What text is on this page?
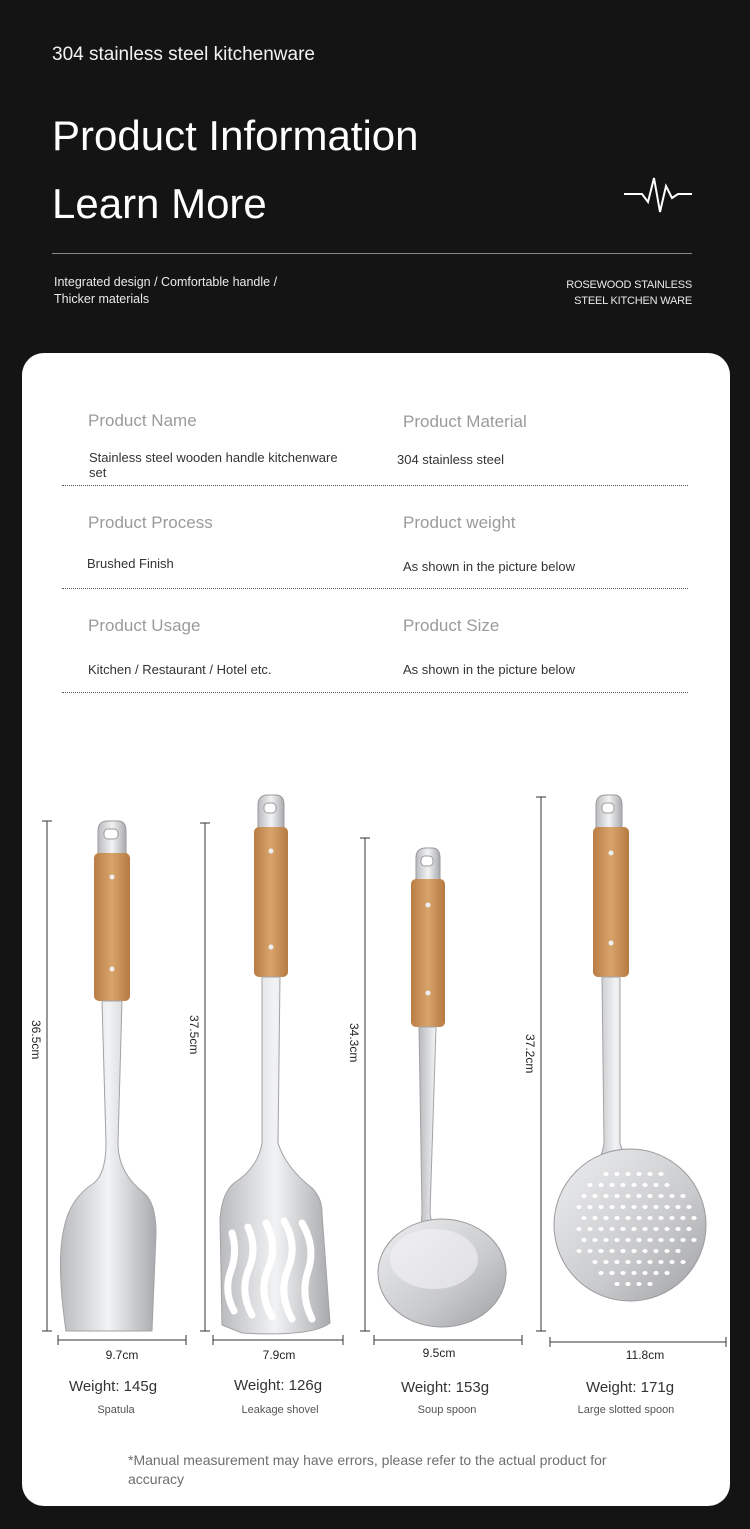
304 stainless steel kitchenware
Product Information
Learn More
Integrated design / Comfortable handle / Thicker materials
ROSEWOOD STAINLESS
STEEL KITCHEN WARE
Product Name
Stainless steel wooden handle kitchenware set
Product Material
304 stainless steel
Product Process
Brushed Finish
Product weight
As shown in the picture below
Product Usage
Kitchen / Restaurant / Hotel etc.
Product Size
As shown in the picture below
36.5cm	37.5cm	34.3cm	37.2cm
9.7cm	7.9cm	9.5cm	11.8cm
Weight: 145g	Weight: 126g	Weight: 153g	Weight: 171g
Spatula	Leakage shovel	Soup spoon	Large slotted spoon
*Manual measurement may have errors, please refer to the actual product for accuracy
